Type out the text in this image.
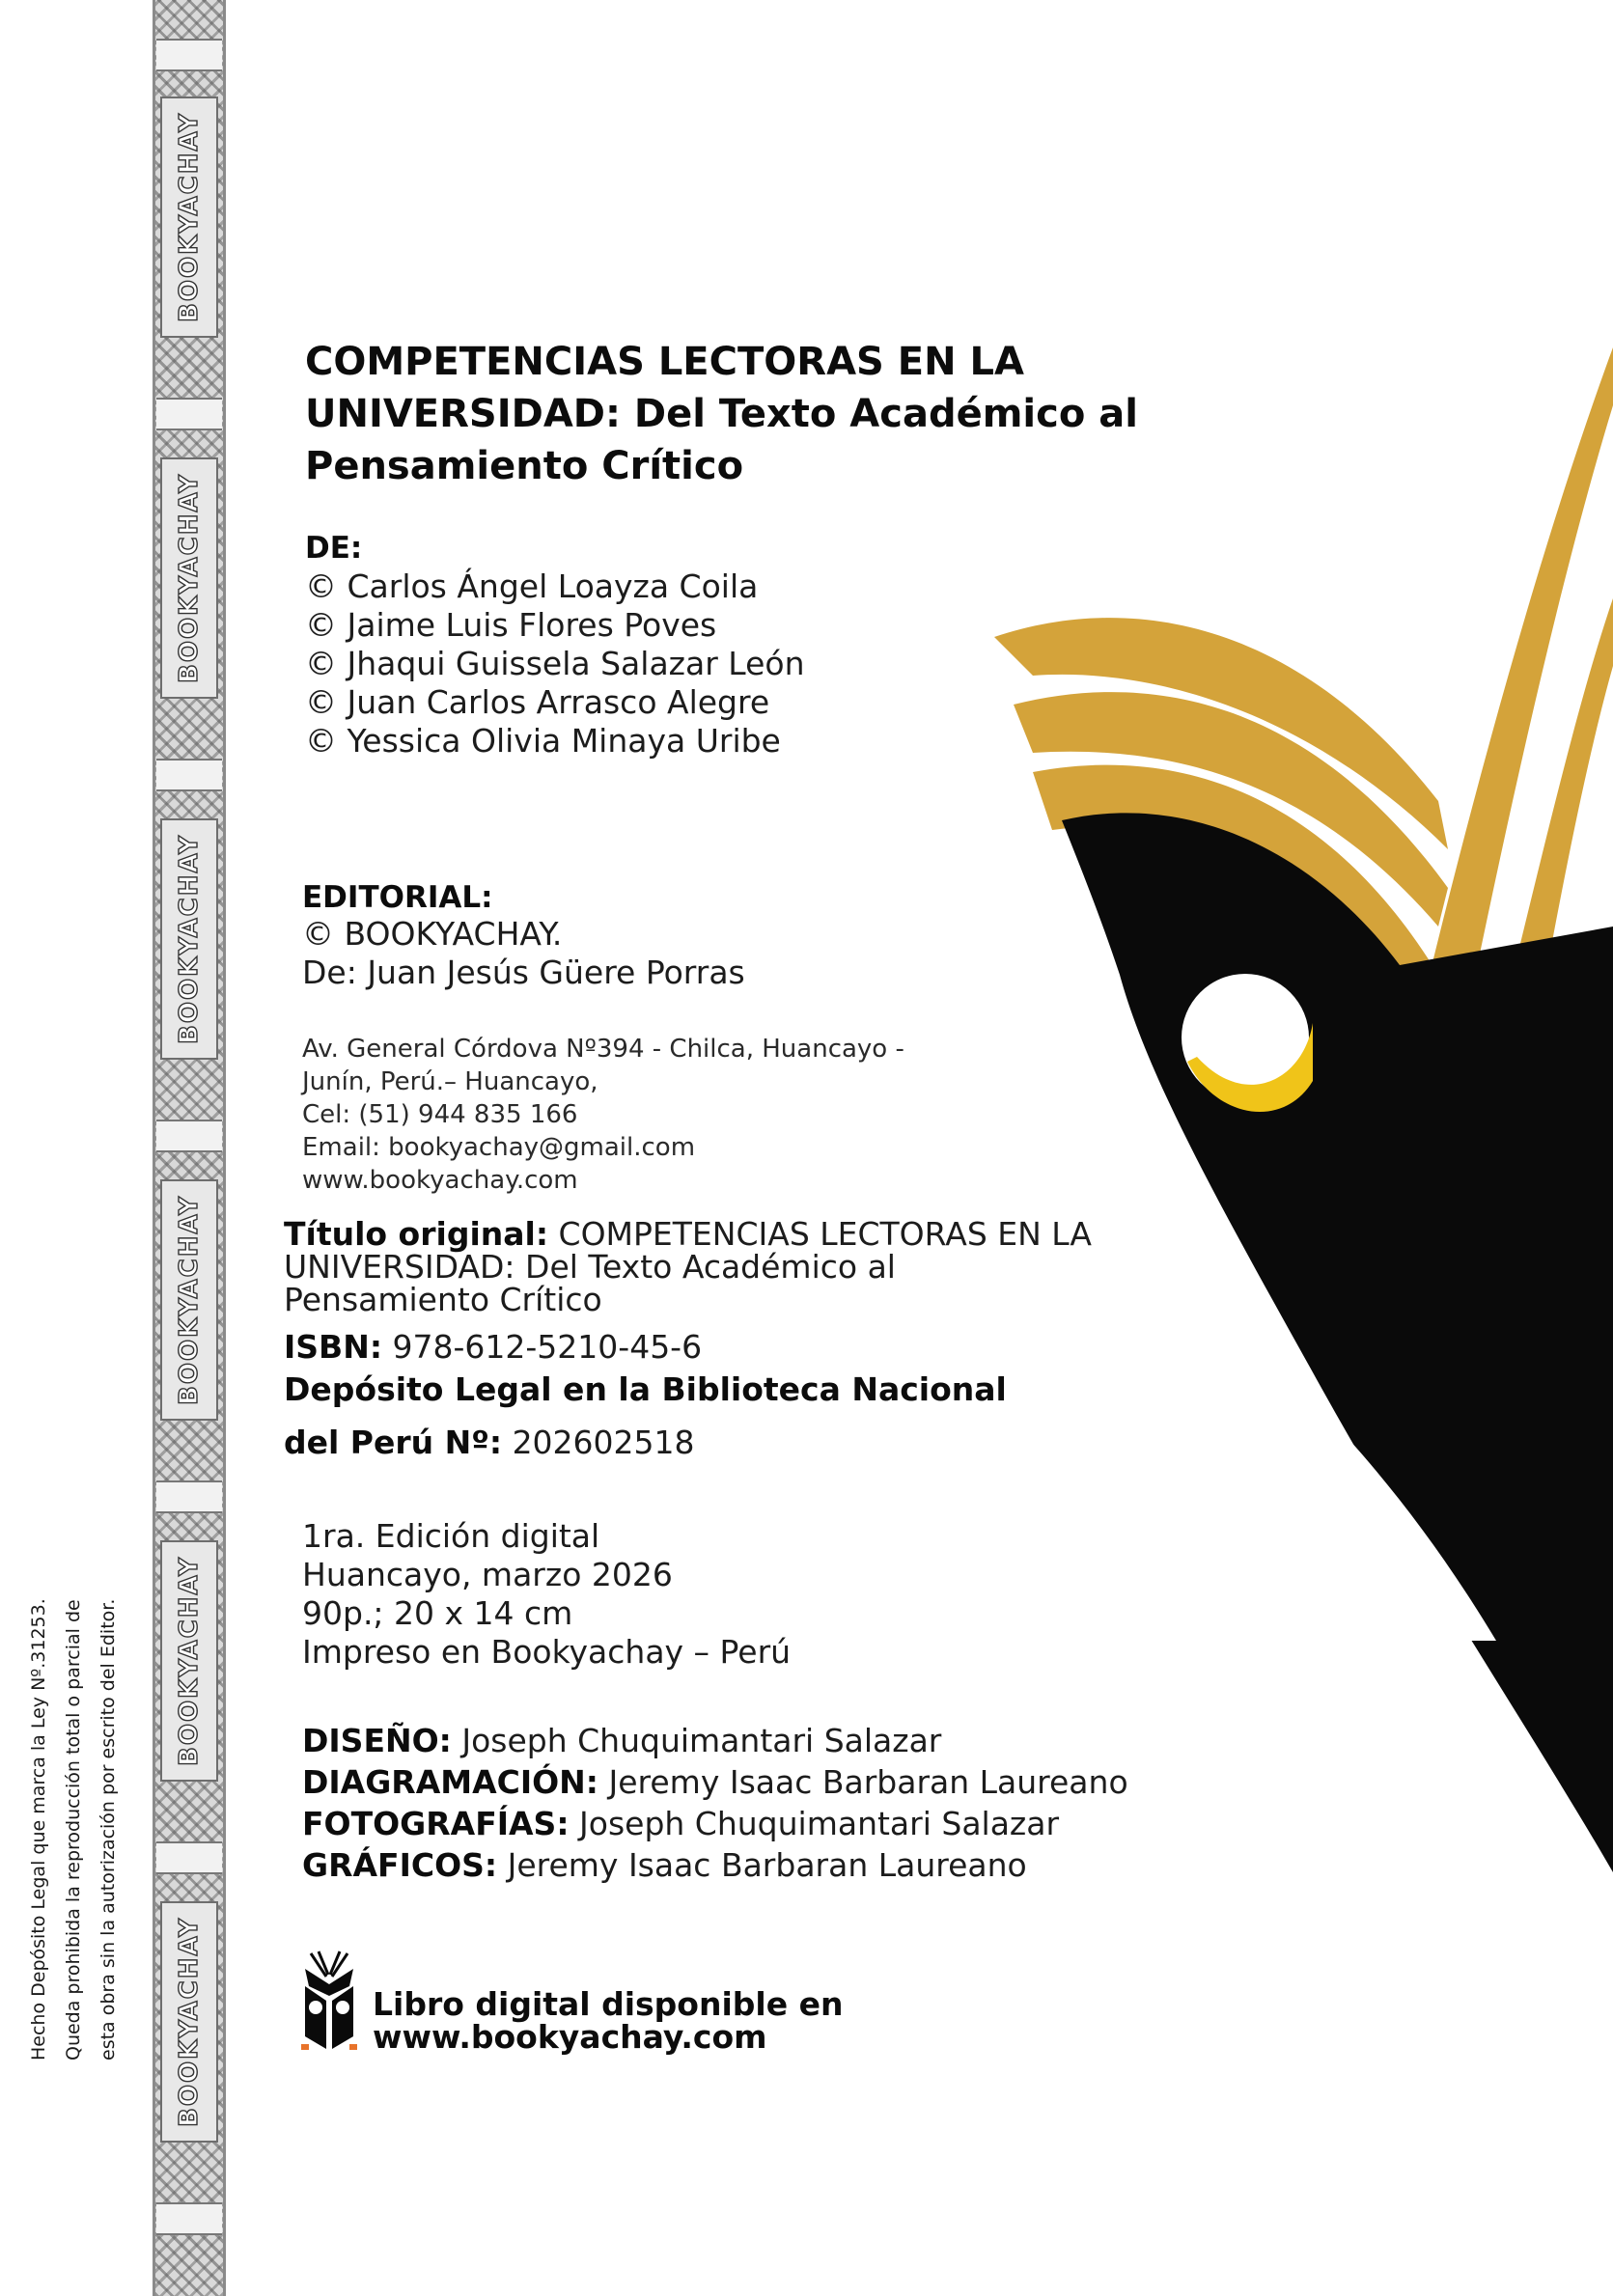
BOOKYACHAY
BOOKYACHAY
BOOKYACHAY
BOOKYACHAY
BOOKYACHAY
BOOKYACHAY
Hecho Depósito Legal que marca la Ley Nº.31253. Queda prohibida la reproducción total o parcial de esta obra sin la autorización por escrito del Editor.
COMPETENCIAS LECTORAS EN LA
UNIVERSIDAD: Del Texto Académico al
Pensamiento Crítico
DE:
© Carlos Ángel Loayza Coila
© Jaime Luis Flores Poves
© Jhaqui Guissela Salazar León
© Juan Carlos Arrasco Alegre
© Yessica Olivia Minaya Uribe
EDITORIAL:
© BOOKYACHAY.
De: Juan Jesús Güere Porras
Av. General Córdova Nº394 - Chilca, Huancayo -
Junín, Perú.– Huancayo,
Cel: (51) 944 835 166
Email: bookyachay@gmail.com
www.bookyachay.com
Título original: COMPETENCIAS LECTORAS EN LA UNIVERSIDAD: Del Texto Académico al Pensamiento Crítico
ISBN: 978-612-5210-45-6
Depósito Legal en la Biblioteca Nacional
del Perú Nº: 202602518
1ra. Edición digital
Huancayo, marzo 2026
90p.; 20 x 14 cm
Impreso en Bookyachay – Perú
DISEÑO: Joseph Chuquimantari Salazar
DIAGRAMACIÓN: Jeremy Isaac Barbaran Laureano
FOTOGRAFÍAS: Joseph Chuquimantari Salazar
GRÁFICOS: Jeremy Isaac Barbaran Laureano
Libro digital disponible en
www.bookyachay.com
